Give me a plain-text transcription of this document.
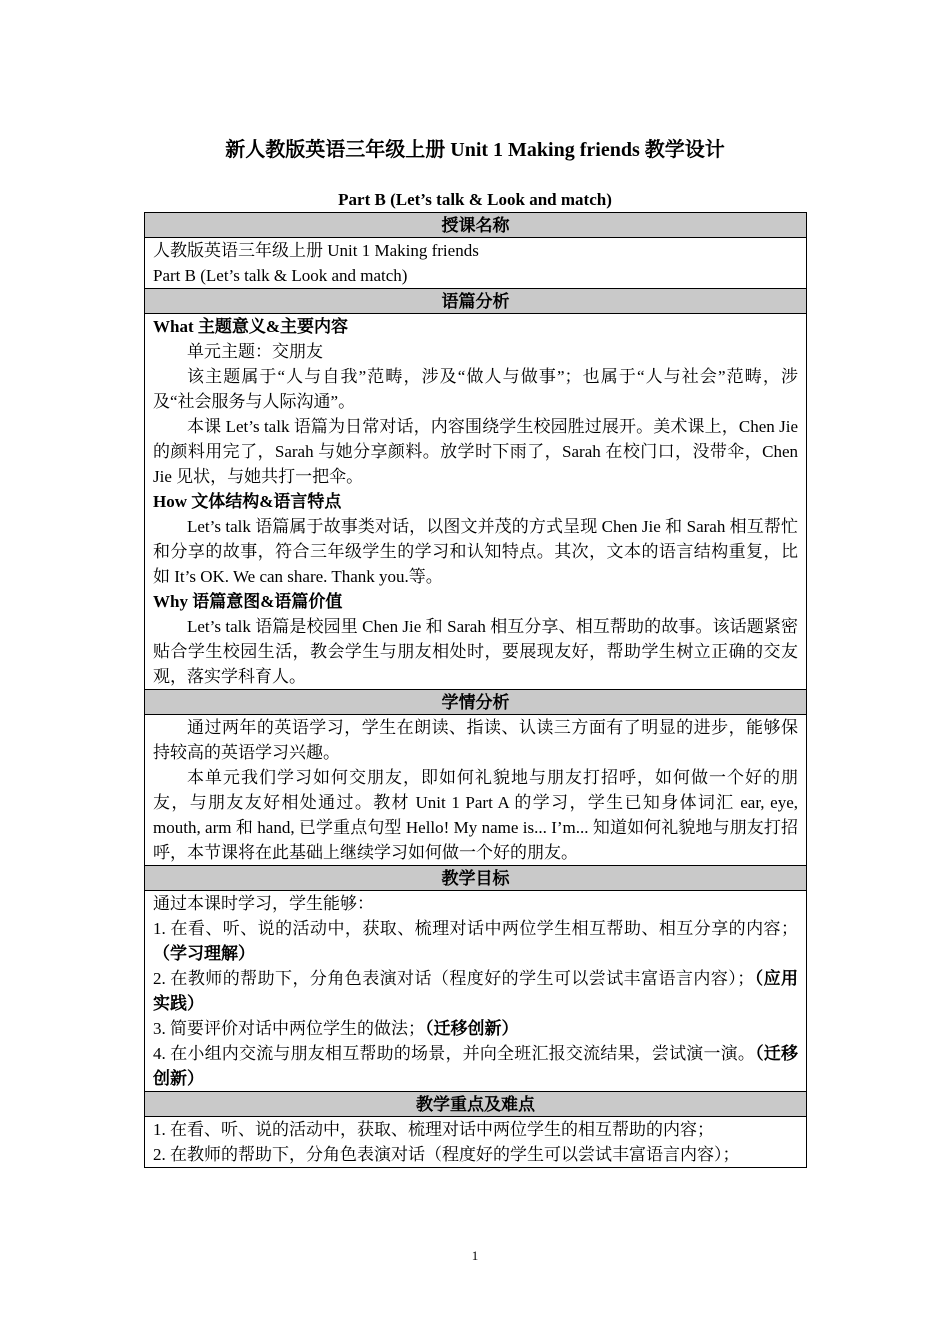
新人教版英语三年级上册 Unit 1 Making friends 教学设计
Part B (Let’s talk & Look and match)
授课名称

人教版英语三年级上册 Unit 1 Making friends

Part B (Let’s talk & Look and match)

语篇分析

What 主题意义&主要内容

单元主题：交朋友

该主题属于“人与自我”范畴，涉及“做人与做事”；也属于“人与社会”范畴，涉及“社会服务与人际沟通”。

本课 Let’s talk 语篇为日常对话，内容围绕学生校园胜过展开。美术课上，Chen Jie 的颜料用完了，Sarah 与她分享颜料。放学时下雨了，Sarah 在校门口，没带伞，Chen Jie 见状，与她共打一把伞。

How 文体结构&语言特点

Let’s talk 语篇属于故事类对话，以图文并茂的方式呈现 Chen Jie 和 Sarah 相互帮忙和分享的故事，符合三年级学生的学习和认知特点。其次，文本的语言结构重复，比如 It’s OK. We can share. Thank you.等。

Why 语篇意图&语篇价值

Let’s talk 语篇是校园里 Chen Jie 和 Sarah 相互分享、相互帮助的故事。该话题紧密贴合学生校园生活，教会学生与朋友相处时，要展现友好，帮助学生树立正确的交友观，落实学科育人。

学情分析

通过两年的英语学习，学生在朗读、指读、认读三方面有了明显的进步，能够保持较高的英语学习兴趣。

本单元我们学习如何交朋友，即如何礼貌地与朋友打招呼，如何做一个好的朋友，与朋友友好相处通过。教材 Unit 1 Part A 的学习，学生已知身体词汇 ear, eye, mouth, arm 和 hand, 已学重点句型 Hello! My name is... I’m... 知道如何礼貌地与朋友打招呼，本节课将在此基础上继续学习如何做一个好的朋友。

教学目标

通过本课时学习，学生能够：

1. 在看、听、说的活动中，获取、梳理对话中两位学生相互帮助、相互分享的内容；（学习理解）

2. 在教师的帮助下，分角色表演对话（程度好的学生可以尝试丰富语言内容）；（应用实践）

3. 简要评价对话中两位学生的做法；（迁移创新）

4. 在小组内交流与朋友相互帮助的场景，并向全班汇报交流结果，尝试演一演。（迁移创新）

教学重点及难点

1. 在看、听、说的活动中，获取、梳理对话中两位学生的相互帮助的内容；

2. 在教师的帮助下，分角色表演对话（程度好的学生可以尝试丰富语言内容）；

1
